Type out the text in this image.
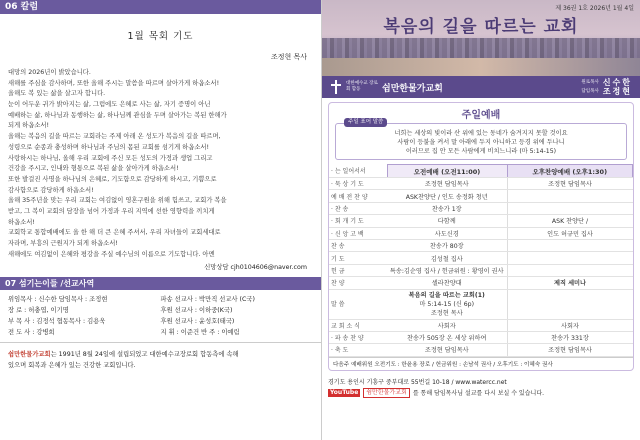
06 칼럼
1월 목회 기도
조정현 목사
대망의 2026년이 밝았습니다.
새해를 주심을 감사하며, 또한 올해 주시는 말씀을 따르며 살아가게 하옵소서!
올해도 복 있는 삶을 살고자 합니다.
눈이 어두운 귀가 밝아지는 삶, 그럼에도 은혜로 사는 삶, 자기 증명이 아닌
예배하는 삶, 하나님과 동행하는 삶, 하나님께 관심을 두며 살아가는 복된 한해가
되게 하옵소서!
올해는 복음의 길을 따르는 교회라는 주제 아래 온 성도가 복음의 길을 따르며,
성령으로 순종과 충성하며 하나님과 주님의 몸된 교회를 섬기게 하옵소서!
사랑하시는 하나님, 올해 우리 교회에 주신 모든 성도의 가정과 생업 그리고
건강을 주시고, 인내와 형통으로 복된 삶을 살아가게 하옵소서!
또한 발걸진 사명을 하나님의 은혜로, 기도함으로 감당하게 하시고, 기쁨으로
감사함으로 감당하게 하옵소서!
올해 35주년을 맞는 우리 교회는 여김없이 영혼구원을 위해 힘쓰고, 교회가 복을
받고, 그 복이 교회의 담장을 넘어 가정과 우리 지역에 선한 영향력을 끼치게
하옵소서!
교회학교 통합예배에도 올 한 해 더 큰 은혜 주셔서, 우리 자녀들이 교회세대로
자라며, 부흥의 근원지가 되게 하옵소서!
새해에도 여김없이 은혜와 평강을 주실 예수님의 이름으로 기도합니다. 아멘
신망상담 cjh0104606@naver.com
07 섬기는이들 /선교사역
위임목사 : 신수한 담임목사 : 조정현
장 로 : 허충엽, 이기명
부 목 사 : 김정석 협동목사 : 김용욱
전 도 사 : 강병희
파송 선교사 : 박만직 선교사 (C국)
후원 선교사 : 이하중(K국)
후원 선교사 : 윤성호(태국)
지 휘 : 이준건 반 주 : 이예림
쉼만한물가교회는 1991년 8월 24일에 설립되었고 대한예수교장로회 합동측에 속해
있으며 회복과 은혜가 있는 건강한 교회입니다.
제 36권 1호 2026년 1월 4일
복음의 길을 따르는 교회
대한예수교 장로회 합동	쉼만한물가교회
원로목사 신수한
담임목사 조정현
주일예배
주일 표어 말씀
너희는 세상의 빛이라 산 위에 있는 동네가 숨겨지지 못할 것이요
사람이 등불을 켜서 말 아래에 두지 아니하고 등경 위에 두나니
이러므로 집 안 모든 사람에게 비치느니라 (마 5:14-15)
· 는 일어서서	오전예배 (오전11:00)	오후찬양예배 (오후1:30)
· 묵 상 기 도	조정현 담임목사	조정현 담임목사
예 배 전 찬 양	ASK찬양단 / 인도 송정화 청년	
· 찬 송	찬송가 1장	
· 회 개 기 도	다함께	ASK 찬양단 /
· 신 앙 고 백	사도신경	인도 허규민 집사
찬 송	찬송가 80장	
기 도	김성철 집사	
헌 금	특송:김순영 집사 / 헌금위원 : 황영이 권사	
찬 양	셀라찬양대	제직 세미나
말 씀	복음의 길을 따르는 교회(1)
마 5:14-15 (신 6p)
조정현 목사	

교 회 소 식	사회자	사회자
· 파 송 찬 양	찬송가 505장 온 세상 위하여	찬송가 331장
· 축 도	조정현 담임목사	조정현 담임목사
다음주 예배위원 오전기도 : 한윤용 장로 / 헌금위원 : 손남석 권사 / 오후기도 : 이혜숙 권사
경기도 용인시 기흥구 중부대로 55번길 10-18 / www.watercc.net
YouTube	쉼만한물가교회	를 통해 담임목사님 설교를 다시 보실 수 있습니다.
